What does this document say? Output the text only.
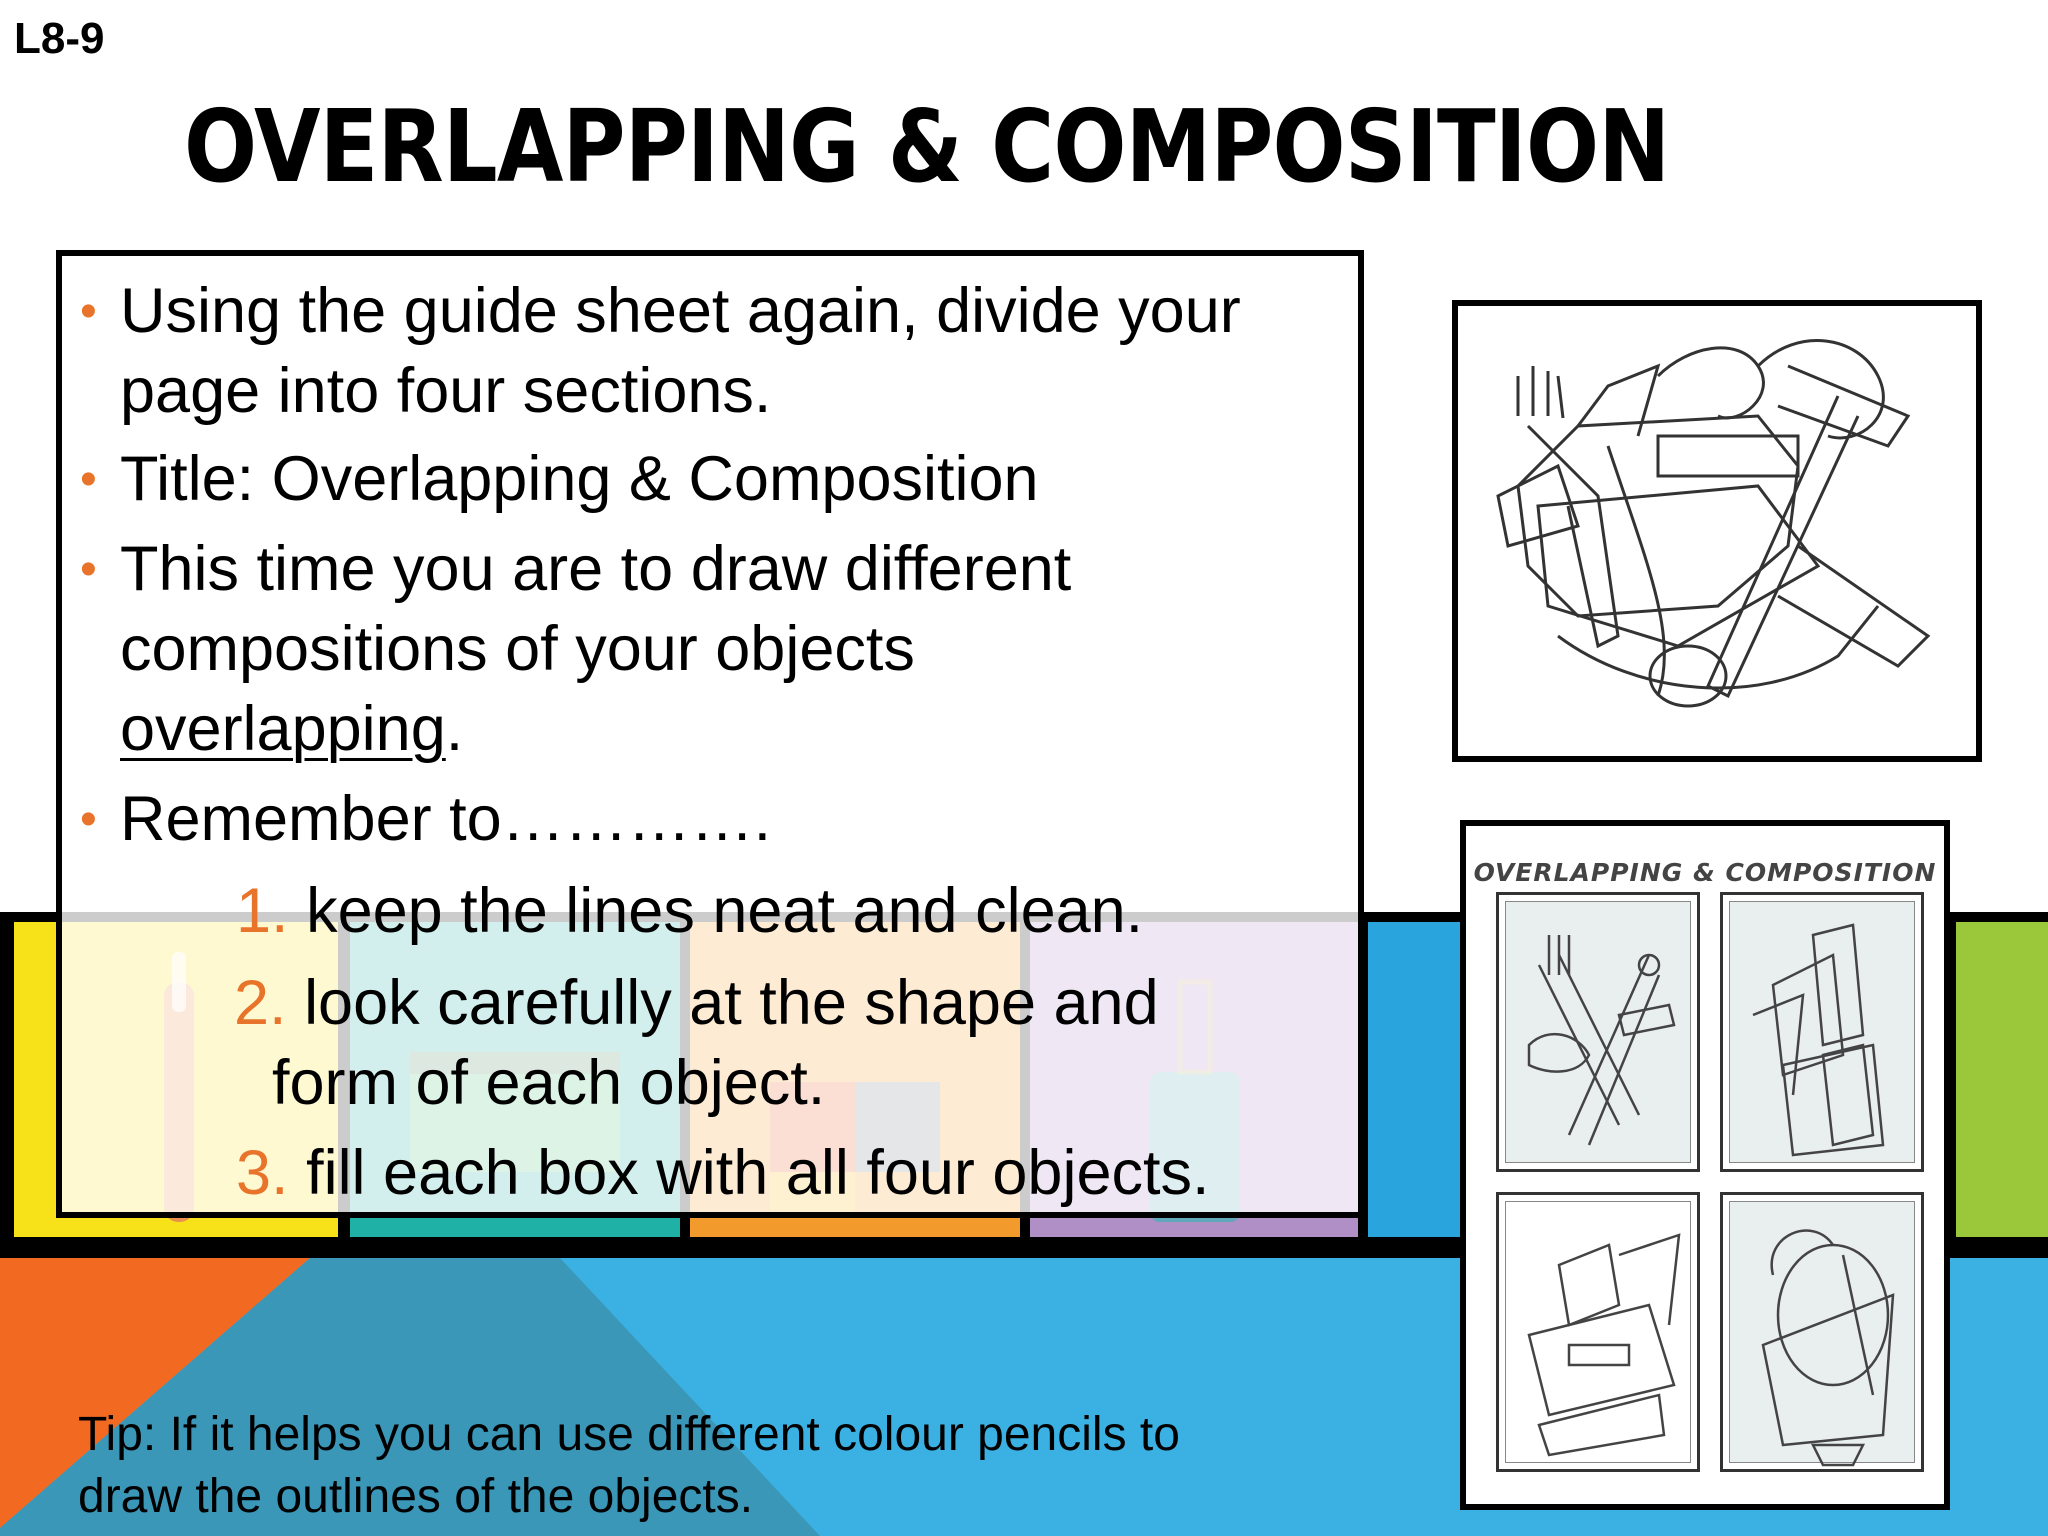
L8-9
OVERLAPPING & COMPOSITION
• Using the guide sheet again, divide your
page into four sections.
• Title: Overlapping & Composition
• This time you are to draw different
compositions of your objects
overlapping.
• Remember to………….
1. keep the lines neat and clean.
2. look carefully at the shape and
form of each object.
3. fill each box with all four objects.
OVERLAPPING & COMPOSITION
Tip: If it helps you can use different colour pencils to
draw the outlines of the objects.
